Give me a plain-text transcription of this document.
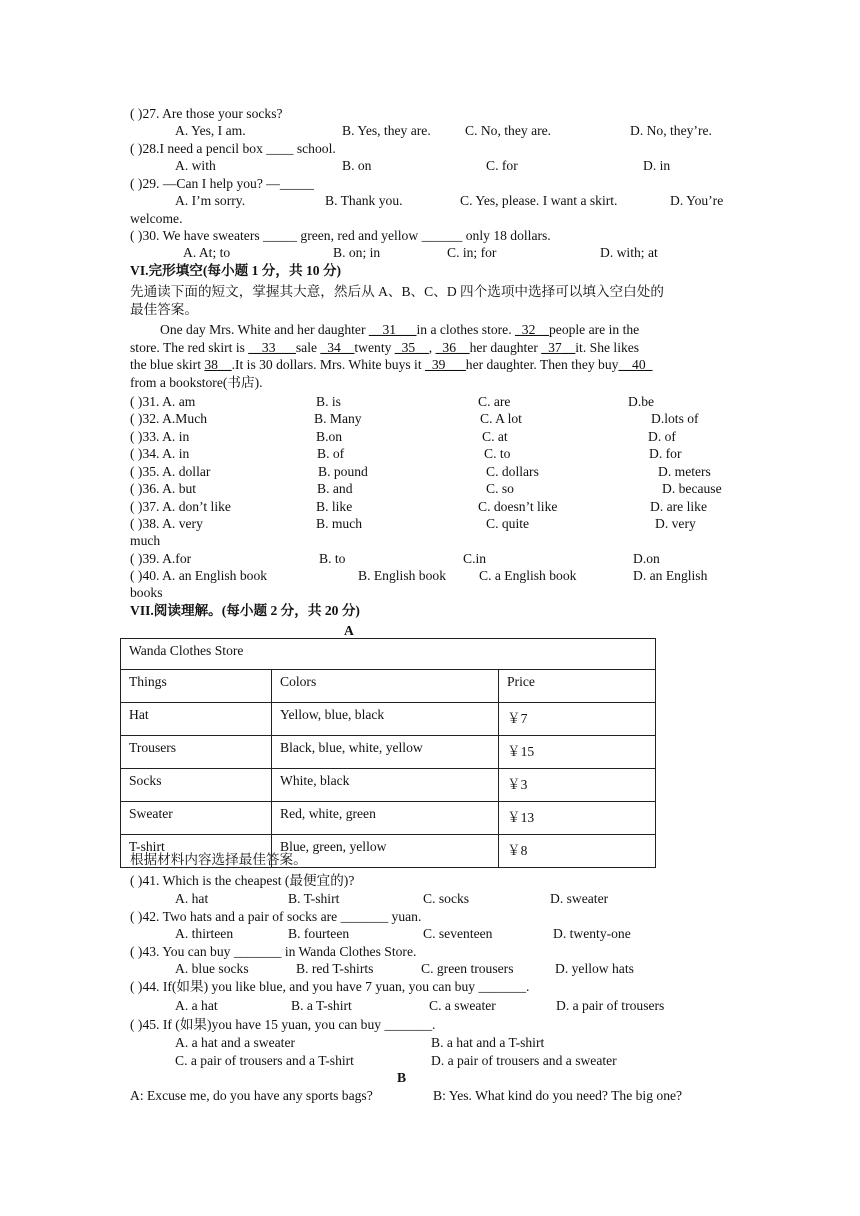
( )27. Are those your socks?
A. Yes, I am.	B. Yes, they are.	C. No, they are.	D. No, they’re.
( )28.I need a pencil box ____ school.
A. with	B. on	C. for	D. in
( )29. —Can I help you? —_____
A. I’m sorry.	B. Thank you.	C. Yes, please. I want a skirt.	D. You’re
welcome.
( )30. We have sweaters _____ green, red and yellow ______ only 18 dollars.
A. At; to	B. on; in	C. in; for	D. with; at
VI.完形填空(每小题 1 分，共 10 分)
先通读下面的短文，掌握其大意，然后从 A、B、C、D 四个选项中选择可以填入空白处的
最佳答案。
One day Mrs. White and her daughter __31___in a clothes store. _32__people are in the
store. The red skirt is __33___sale _34__twenty _35__, _36__her daughter _37__it. She likes
the blue skirt 38__.It is 30 dollars. Mrs. White buys it _39___her daughter. Then they buy__40_
from a bookstore(书店).
( )31. A. am	B. is	C. are	D.be
( )32. A.Much	B. Many	C. A lot	D.lots of
( )33. A. in	B.on	C. at	D. of
( )34. A. in	B. of	C. to	D. for
( )35. A. dollar	B. pound	C. dollars	D. meters
( )36. A. but	B. and	C. so	D. because
( )37. A. don’t like	B. like	C. doesn’t like	D. are like
( )38. A. very	B. much	C. quite	D. very
much
( )39. A.for	B. to	C.in	D.on
( )40. A. an English book	B. English book C. a English book	D. an English
books
VII.阅读理解。(每小题 2 分，共 20 分)
A
Wanda Clothes Store		
Things	Colors	Price
Hat	Yellow, blue, black	￥7
Trousers	Black, blue, white, yellow	￥15
Socks	White, black	￥3
Sweater	Red, white, green	￥13
T-shirt	Blue, green, yellow	￥8
根据材料内容选择最佳答案。
( )41. Which is the cheapest (最便宜的)?
A. hat	B. T-shirt	C. socks	D. sweater
( )42. Two hats and a pair of socks are _______ yuan.
A. thirteen	B. fourteen	C. seventeen	D. twenty-one
( )43. You can buy _______ in Wanda Clothes Store.
A. blue socks	B. red T-shirts	C. green trousers	D. yellow hats
( )44. If(如果) you like blue, and you have 7 yuan, you can buy _______.
A. a hat	B. a T-shirt	C. a sweater	D. a pair of trousers
( )45. If (如果)you have 15 yuan, you can buy _______.
A. a hat and a sweater	B. a hat and a T-shirt
C. a pair of trousers and a T-shirt	D. a pair of trousers and a sweater
B
A: Excuse me, do you have any sports bags?	B: Yes. What kind do you need? The big one?
